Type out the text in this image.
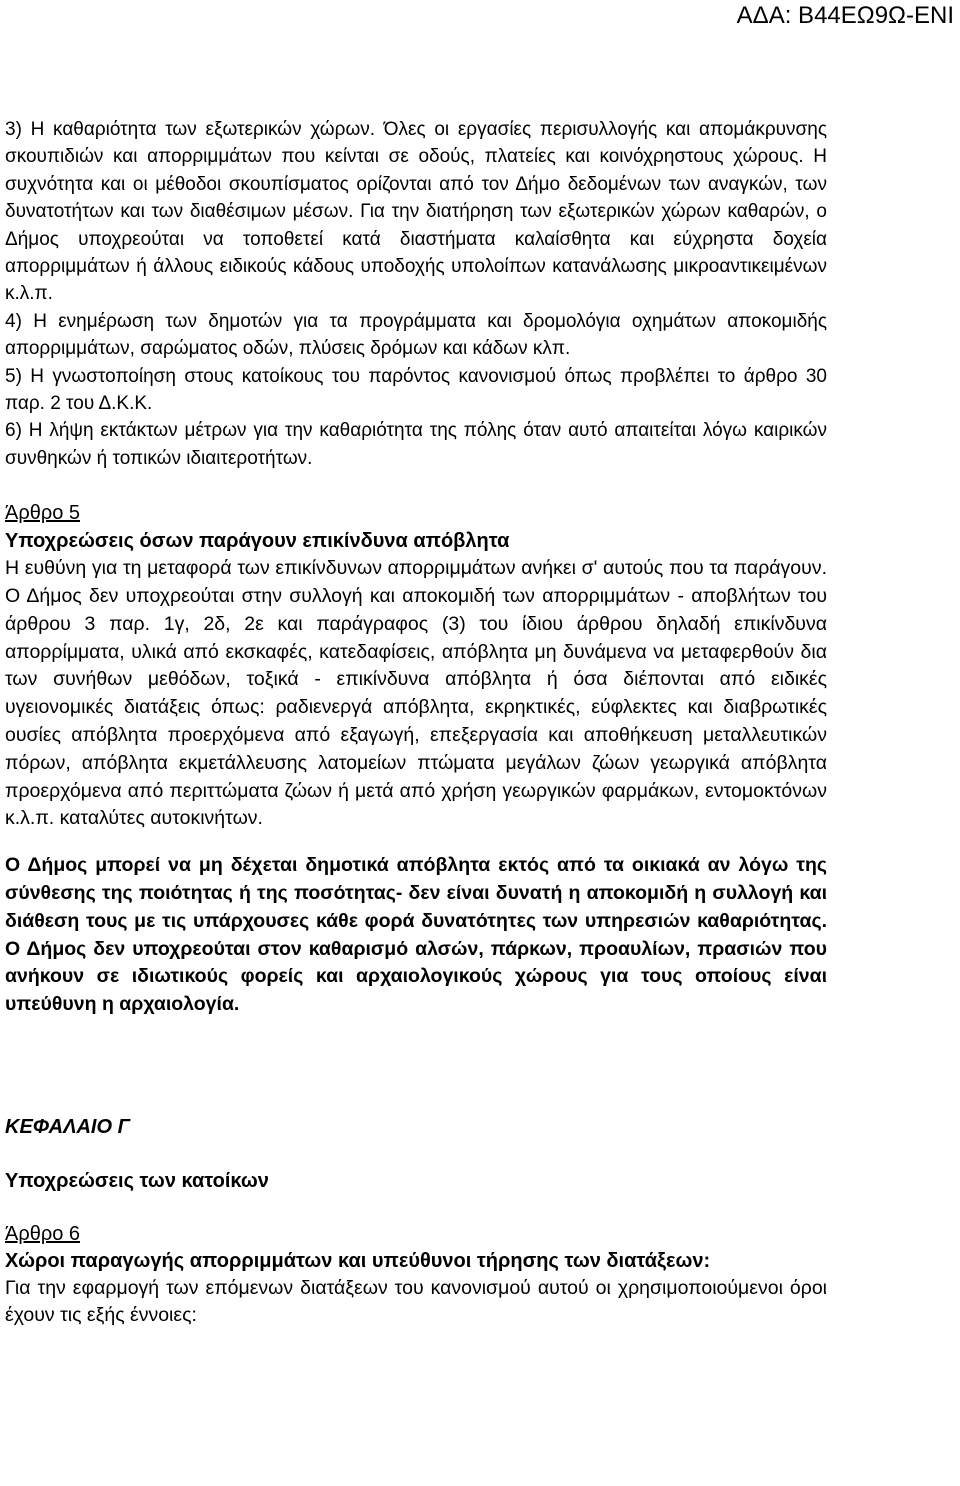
ΑΔΑ: Β44ΕΩ9Ω-ΕΝΙ

3) Η καθαριότητα των εξωτερικών χώρων. Όλες οι εργασίες περισυλλογής και απομάκρυνσης σκουπιδιών και απορριμμάτων που κείνται σε οδούς, πλατείες και κοινόχρηστους χώρους. Η συχνότητα και οι μέθοδοι σκουπίσματος ορίζονται από τον Δήμο δεδομένων των αναγκών, των δυνατοτήτων και των διαθέσιμων μέσων. Για την διατήρηση των εξωτερικών χώρων καθαρών, ο Δήμος υποχρεούται να τοποθετεί κατά διαστήματα καλαίσθητα και εύχρηστα δοχεία απορριμμάτων ή άλλους ειδικούς κάδους υποδοχής υπολοίπων κατανάλωσης μικροαντικειμένων κ.λ.π.

4) Η ενημέρωση των δημοτών για τα προγράμματα και δρομολόγια οχημάτων αποκομιδής απορριμμάτων, σαρώματος οδών, πλύσεις δρόμων και κάδων κλπ.

5) Η γνωστοποίηση στους κατοίκους του παρόντος κανονισμού όπως προβλέπει το άρθρο 30 παρ. 2 του Δ.Κ.Κ.

6) Η λήψη εκτάκτων μέτρων για την καθαριότητα της πόλης όταν αυτό απαιτείται λόγω καιρικών συνθηκών ή τοπικών ιδιαιτεροτήτων.

Άρθρο 5

Υποχρεώσεις όσων παράγουν επικίνδυνα απόβλητα

Η ευθύνη για τη μεταφορά των επικίνδυνων απορριμμάτων ανήκει σ' αυτούς που τα παράγουν. Ο Δήμος δεν υποχρεούται στην συλλογή και αποκομιδή των απορριμμάτων - αποβλήτων του άρθρου 3 παρ. 1γ, 2δ, 2ε και παράγραφος (3) του ίδιου άρθρου δηλαδή επικίνδυνα απορρίμματα, υλικά από εκσκαφές, κατεδαφίσεις, απόβλητα μη δυνάμενα να μεταφερθούν δια των συνήθων μεθόδων, τοξικά - επικίνδυνα απόβλητα ή όσα διέπονται από ειδικές υγειονομικές διατάξεις όπως: ραδιενεργά απόβλητα, εκρηκτικές, εύφλεκτες και διαβρωτικές ουσίες απόβλητα προερχόμενα από εξαγωγή, επεξεργασία και αποθήκευση μεταλλευτικών πόρων, απόβλητα εκμετάλλευσης λατομείων πτώματα μεγάλων ζώων γεωργικά απόβλητα προερχόμενα από περιττώματα ζώων ή μετά από χρήση γεωργικών φαρμάκων, εντομοκτόνων κ.λ.π. καταλύτες αυτοκινήτων.

Ο Δήμος μπορεί να μη δέχεται δημοτικά απόβλητα εκτός από τα οικιακά αν λόγω της σύνθεσης της ποιότητας ή της ποσότητας- δεν είναι δυνατή η αποκομιδή η συλλογή και διάθεση τους με τις υπάρχουσες κάθε φορά δυνατότητες των υπηρεσιών καθαριότητας. Ο Δήμος δεν υποχρεούται στον καθαρισμό αλσών, πάρκων, προαυλίων, πρασιών που ανήκουν σε ιδιωτικούς φορείς και αρχαιολογικούς χώρους για τους οποίους είναι υπεύθυνη η αρχαιολογία.

ΚΕΦΑΛΑΙΟ Γ

Υποχρεώσεις των κατοίκων

Άρθρο 6

Χώροι παραγωγής απορριμμάτων και υπεύθυνοι τήρησης των διατάξεων:

Για την εφαρμογή των επόμενων διατάξεων του κανονισμού αυτού οι χρησιμοποιούμενοι όροι έχουν τις εξής έννοιες:
